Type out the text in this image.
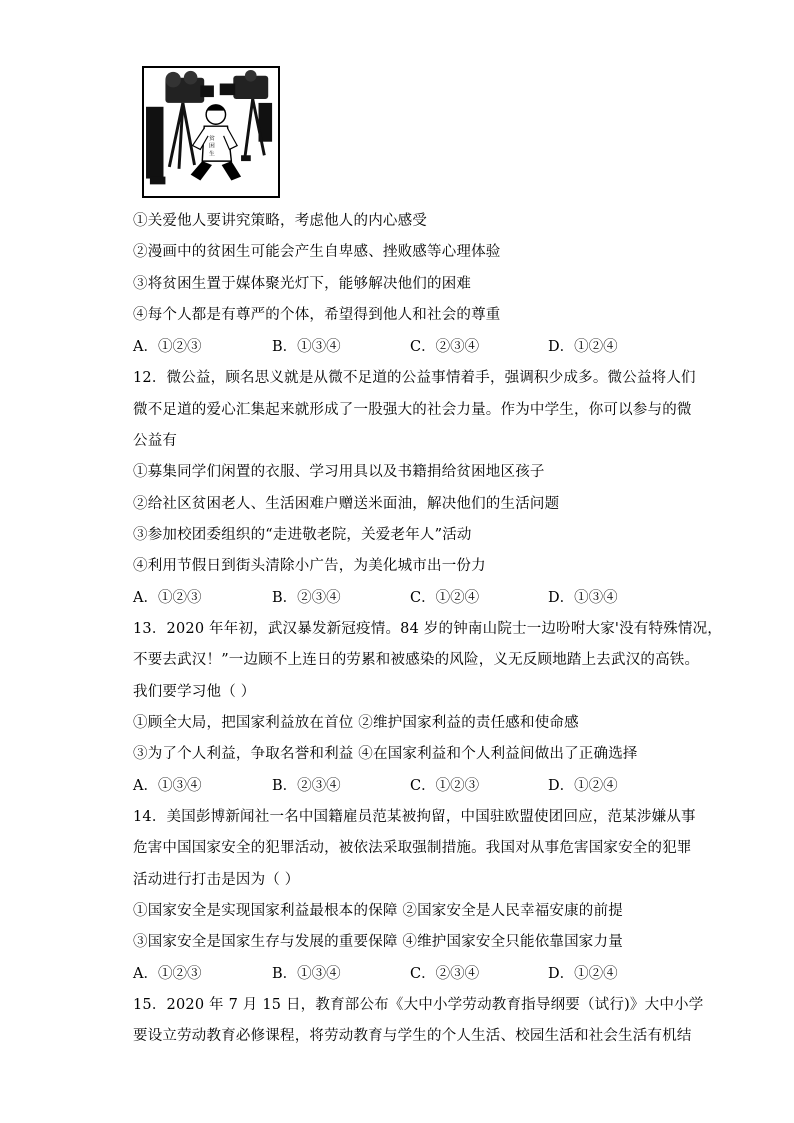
贫
困
生
①关爱他人要讲究策略，考虑他人的内心感受
②漫画中的贫困生可能会产生自卑感、挫败感等心理体验
③将贫困生置于媒体聚光灯下，能够解决他们的困难
④每个人都是有尊严的个体，希望得到他人和社会的尊重
A．①②③	B．①③④	C．②③④	D．①②④
12．微公益，顾名思义就是从微不足道的公益事情着手，强调积少成多。微公益将人们
微不足道的爱心汇集起来就形成了一股强大的社会力量。作为中学生，你可以参与的微
公益有
①募集同学们闲置的衣服、学习用具以及书籍捐给贫困地区孩子
②给社区贫困老人、生活困难户赠送米面油，解决他们的生活问题
③参加校团委组织的“走进敬老院，关爱老年人”活动
④利用节假日到街头清除小广告，为美化城市出一份力
A．①②③	B．②③④	C．①②④	D．①③④
13．2020 年年初，武汉暴发新冠疫情。84 岁的钟南山院士一边吩咐大家'没有特殊情况，
不要去武汉！”一边顾不上连日的劳累和被感染的风险，义无反顾地踏上去武汉的高铁。
我们要学习他（ ）
①顾全大局，把国家利益放在首位 ②维护国家利益的责任感和使命感
③为了个人利益，争取名誉和利益 ④在国家利益和个人利益间做出了正确选择
A．①③④	B．②③④	C．①②③	D．①②④
14．美国彭博新闻社一名中国籍雇员范某被拘留，中国驻欧盟使团回应，范某涉嫌从事
危害中国国家安全的犯罪活动，被依法采取强制措施。我国对从事危害国家安全的犯罪
活动进行打击是因为（ ）
①国家安全是实现国家利益最根本的保障 ②国家安全是人民幸福安康的前提
③国家安全是国家生存与发展的重要保障 ④维护国家安全只能依靠国家力量
A．①②③	B．①③④	C．②③④	D．①②④
15．2020 年 7 月 15 日，教育部公布《大中小学劳动教育指导纲要（试行)》大中小学
要设立劳动教育必修课程，将劳动教育与学生的个人生活、校园生活和社会生活有机结
